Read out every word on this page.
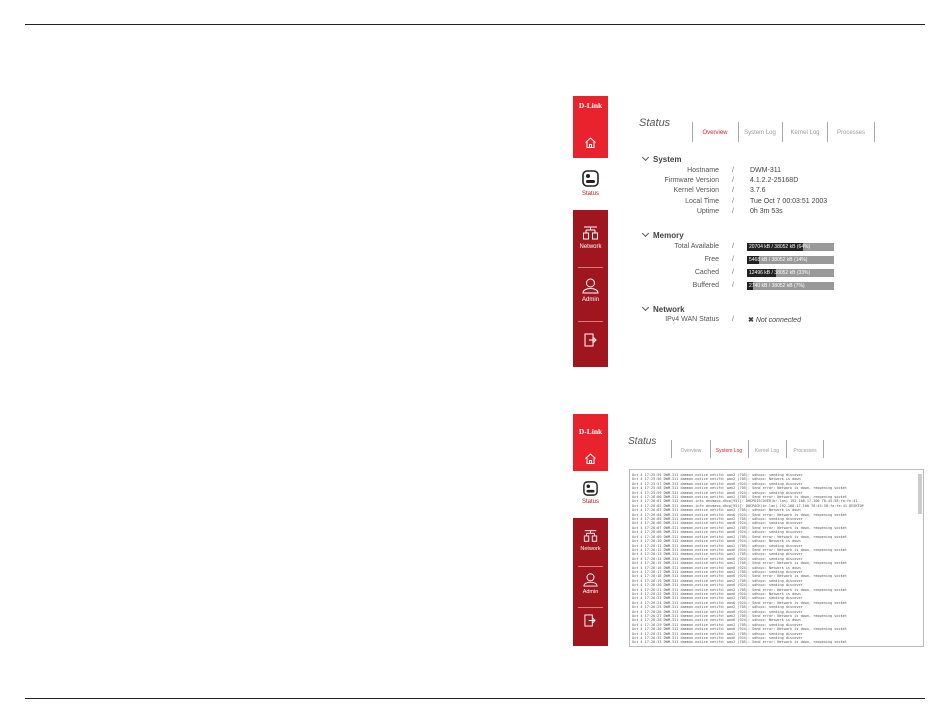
D-Link
Status
Network
Admin
Status
Overview	System Log	Kernel Log	Processes
System
Hostname / DWM-311
Firmware Version / 4.1.2.2-25168D
Kernel Version / 3.7.6
Local Time / Tue Oct 7 00:03:51 2003
Uptime / 0h 3m 53s
Memory
Total Available /	20704 kB / 38052 kB (64%)
Free /	5468 kB / 38052 kB (14%)
Cached /	12496 kB / 38052 kB (33%)
Buffered /	2740 kB / 38052 kB (7%)
Network
IPv4 WAN Status / ✖ Not connected
D-Link
Status
Network
Admin
Status
Overview	System Log	Kernel Log	Processes
Oct 4 17:25:55 DWM-311 daemon.notice netifd: wan2 (705): udhcpc: sending discover
Oct 4 17:25:56 DWM-311 daemon.notice netifd: wan2 (705): udhcpc: Network is down
Oct 4 17:25:57 DWM-311 daemon.notice netifd: wan6 (924): udhcpc: sending discover
Oct 4 17:25:58 DWM-311 daemon.notice netifd: wan2 (705): Send error: Network is down, reopening socket
Oct 4 17:25:59 DWM-311 daemon.notice netifd: wan6 (924): udhcpc: sending discover
Oct 4 17:26:00 DWM-311 daemon.notice netifd: wan2 (705): Send error: Network is down, reopening socket
Oct 4 17:26:01 DWM-311 daemon.info dnsmasq-dhcp[951]: DHCPDISCOVER(br-lan) 192.168.17.100 78:45:58:fa:fe:41
Oct 4 17:26:02 DWM-311 daemon.info dnsmasq-dhcp[951]: DHCPACK(br-lan) 192.168.17.100 78:45:58:fa:fe:41 DESKTOP
Oct 4 17:26:03 DWM-311 daemon.notice netifd: wan2 (705): udhcpc: Network is down
Oct 4 17:26:04 DWM-311 daemon.notice netifd: wan6 (924): Send error: Network is down, reopening socket
Oct 4 17:26:05 DWM-311 daemon.notice netifd: wan2 (705): udhcpc: sending discover
Oct 4 17:26:06 DWM-311 daemon.notice netifd: wan6 (924): udhcpc: sending discover
Oct 4 17:26:07 DWM-311 daemon.notice netifd: wan2 (705): Send error: Network is down, reopening socket
Oct 4 17:26:08 DWM-311 daemon.notice netifd: wan6 (924): udhcpc: sending discover
Oct 4 17:26:09 DWM-311 daemon.notice netifd: wan2 (705): Send error: Network is down, reopening socket
Oct 4 17:26:10 DWM-311 daemon.notice netifd: wan6 (924): udhcpc: Network is down
Oct 4 17:26:11 DWM-311 daemon.notice netifd: wan2 (705): udhcpc: sending discover
Oct 4 17:26:12 DWM-311 daemon.notice netifd: wan6 (924): Send error: Network is down, reopening socket
Oct 4 17:26:13 DWM-311 daemon.notice netifd: wan2 (705): udhcpc: sending discover
Oct 4 17:26:14 DWM-311 daemon.notice netifd: wan6 (924): udhcpc: sending discover
Oct 4 17:26:15 DWM-311 daemon.notice netifd: wan2 (705): Send error: Network is down, reopening socket
Oct 4 17:26:16 DWM-311 daemon.notice netifd: wan6 (924): udhcpc: Network is down
Oct 4 17:26:17 DWM-311 daemon.notice netifd: wan2 (705): udhcpc: sending discover
Oct 4 17:26:18 DWM-311 daemon.notice netifd: wan6 (924): Send error: Network is down, reopening socket
Oct 4 17:26:19 DWM-311 daemon.notice netifd: wan2 (705): udhcpc: sending discover
Oct 4 17:26:20 DWM-311 daemon.notice netifd: wan6 (924): udhcpc: sending discover
Oct 4 17:26:21 DWM-311 daemon.notice netifd: wan2 (705): Send error: Network is down, reopening socket
Oct 4 17:26:22 DWM-311 daemon.notice netifd: wan6 (924): udhcpc: Network is down
Oct 4 17:26:23 DWM-311 daemon.notice netifd: wan2 (705): udhcpc: sending discover
Oct 4 17:26:24 DWM-311 daemon.notice netifd: wan6 (924): Send error: Network is down, reopening socket
Oct 4 17:26:25 DWM-311 daemon.notice netifd: wan2 (705): udhcpc: sending discover
Oct 4 17:26:26 DWM-311 daemon.notice netifd: wan6 (924): udhcpc: sending discover
Oct 4 17:26:27 DWM-311 daemon.notice netifd: wan2 (705): Send error: Network is down, reopening socket
Oct 4 17:26:28 DWM-311 daemon.notice netifd: wan6 (924): udhcpc: Network is down
Oct 4 17:26:29 DWM-311 daemon.notice netifd: wan2 (705): udhcpc: sending discover
Oct 4 17:26:30 DWM-311 daemon.notice netifd: wan6 (924): Send error: Network is down, reopening socket
Oct 4 17:26:31 DWM-311 daemon.notice netifd: wan2 (705): udhcpc: sending discover
Oct 4 17:26:32 DWM-311 daemon.notice netifd: wan6 (924): udhcpc: sending discover
Oct 4 17:26:33 DWM-311 daemon.notice netifd: wan2 (705): Send error: Network is down, reopening socket
